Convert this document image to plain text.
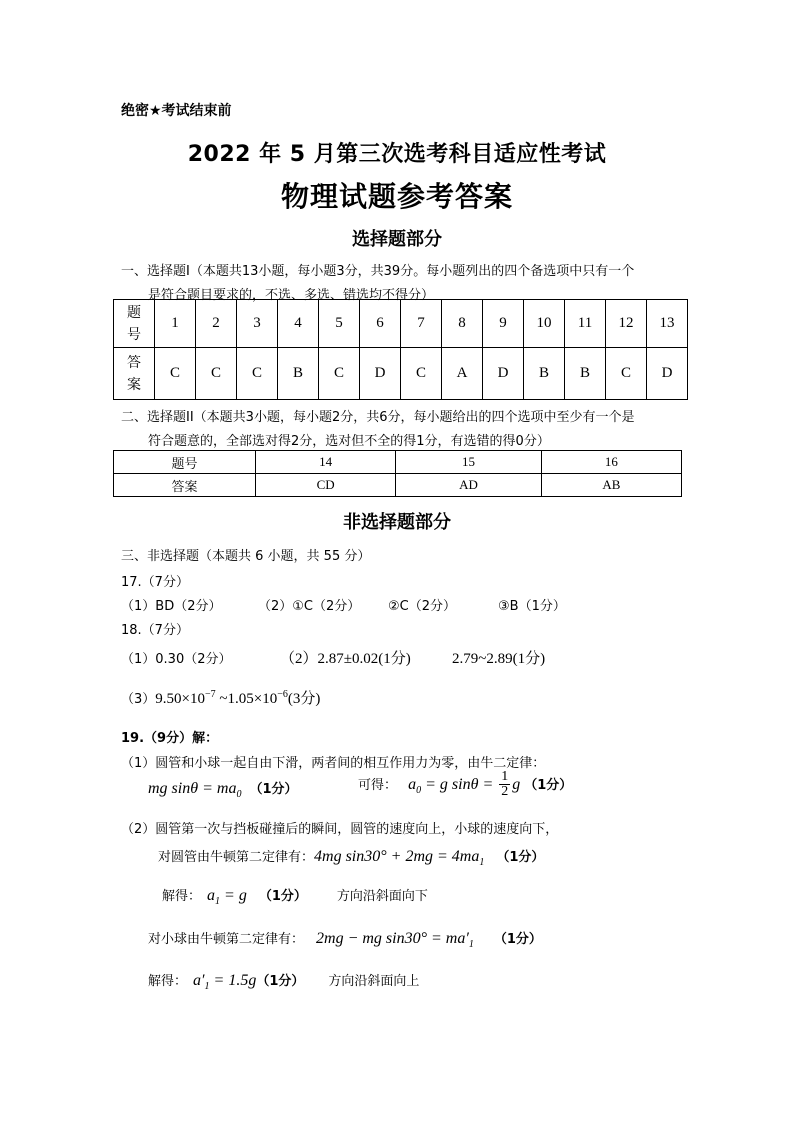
绝密★考试结束前
2022 年 5 月第三次选考科目适应性考试
物理试题参考答案
选择题部分
一、选择题I（本题共13小题，每小题3分，共39分。每小题列出的四个备选项中只有一个
是符合题目要求的，不选、多选、错选均不得分）
题
号	1	2	3	4	5	6	7	8	9	10	11	12	13
答
案	C	C	C	B	C	D	C	A	D	B	B	C	D
二、选择题II（本题共3小题，每小题2分，共6分，每小题给出的四个选项中至少有一个是
符合题意的，全部选对得2分，选对但不全的得1分，有选错的得0分）
题号	14	15	16
答案	CD	AD	AB
非选择题部分
三、非选择题（本题共 6 小题，共 55 分）
17.（7分）
（1）BD（2分）	（2）①C（2分） ②C（2分）	③B（1分）
18.（7分）
（1）0.30（2分）	（2）2.87±0.02(1分)	2.79~2.89(1分)
$(3)9.50\times 10^{-7}$ $\sim 1.05\times 10^{-6}(3$分)
19.（9分）解：
（1）圆管和小球一起自由下滑，两者间的相互作用力为零，由牛二定律：
mg $\sin\theta = ma_0$ （1分）	可得： $a_0 = g$ $\sin\theta = \frac{1}{2}$ g （1分）
（2）圆管第一次与挡板碰撞后的瞬间，圆管的速度向上，小球的速度向下，
对圆管由牛顿第二定律有：4mg $\sin 30^\circ + 2mg = 4ma_1$ （1分）
解得： $a_1 = g$ （1分） 方向沿斜面向下
对小球由牛顿第二定律有： 2mg − mg $\sin 30^\circ = ma'_1$ （1分）
解得： $a'_1 = 1.5g(1$分） 方向沿斜面向上
